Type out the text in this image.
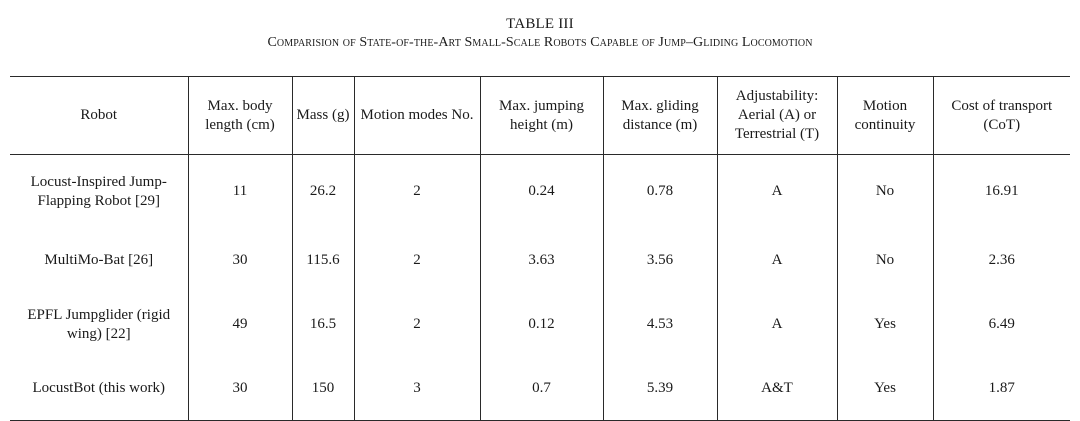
TABLE III
Comparision of State-of-the-Art Small-Scale Robots Capable of Jump–Gliding Locomotion
Robot	Max. body length (cm)	Mass (g)	Motion modes No.	Max. jumping height (m)	Max. gliding distance (m)	Adjustability: Aerial (A) or Terrestrial (T)	Motion continuity	Cost of transport (CoT)
Locust-Inspired Jump-Flapping Robot [29]	11	26.2	2	0.24	0.78	A	No	16.91
MultiMo-Bat [26]	30	115.6	2	3.63	3.56	A	No	2.36
EPFL Jumpglider (rigid wing) [22]	49	16.5	2	0.12	4.53	A	Yes	6.49
LocustBot (this work)	30	150	3	0.7	5.39	A&T	Yes	1.87
